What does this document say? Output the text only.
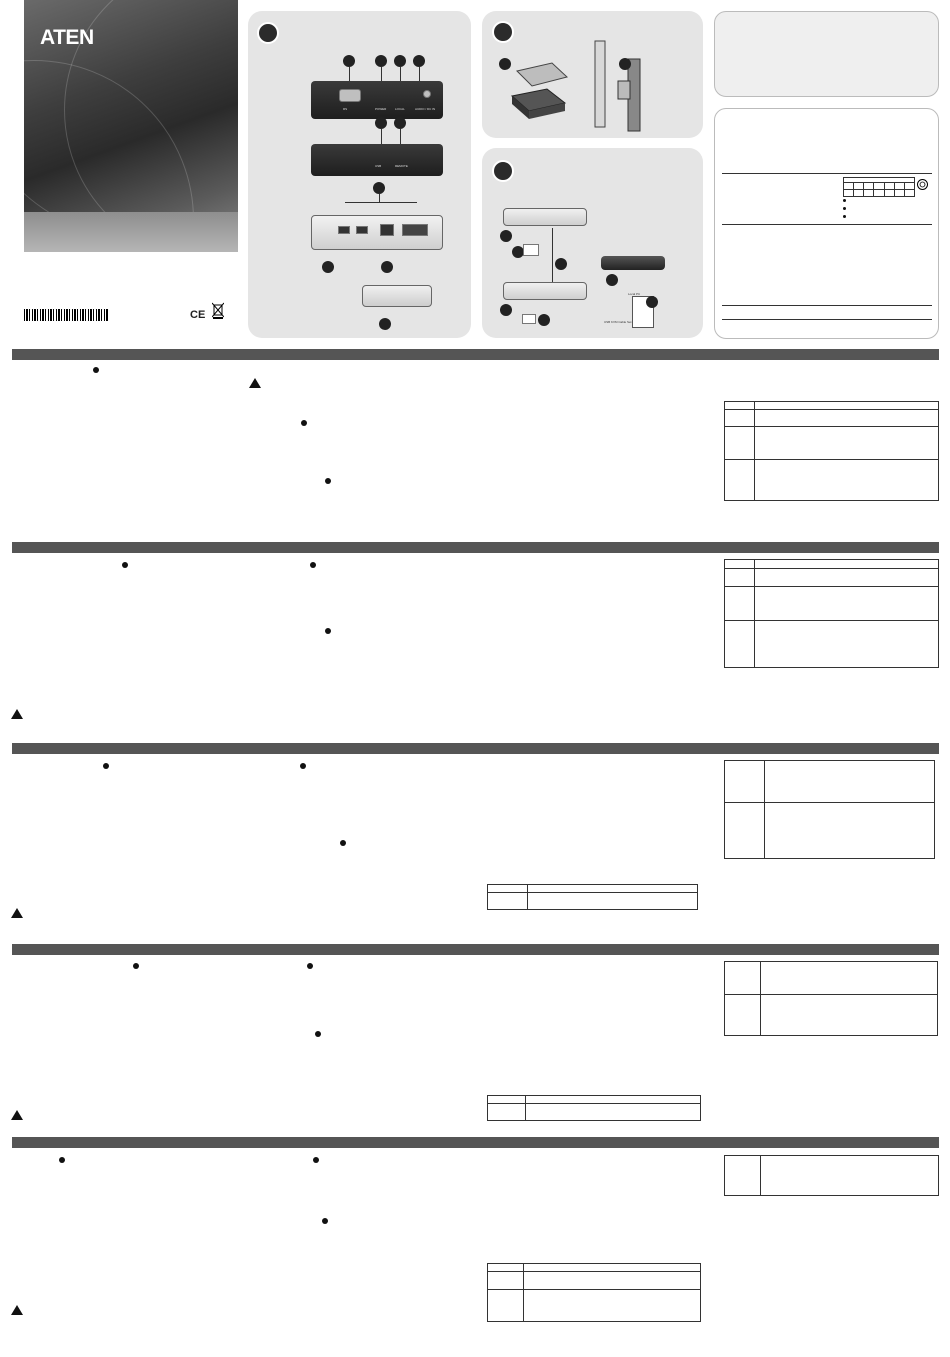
ATEN
CE
RS	POWER	LOCAL	AUDIO / DC IN
USB	REMOTE
Local PC
USB KVM Cable Set
